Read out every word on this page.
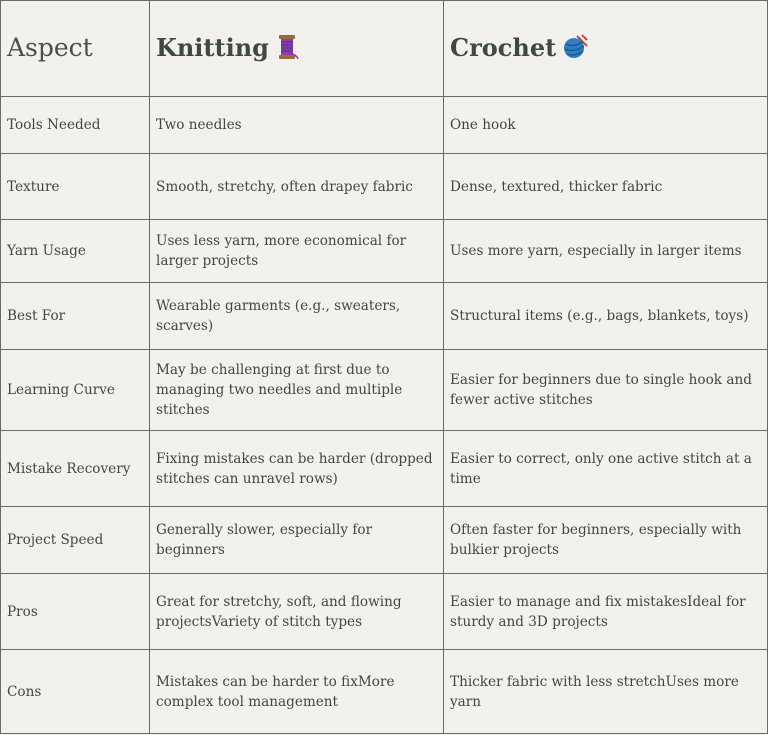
Aspect	Knitting	Crochet
Tools Needed	Two needles	One hook
Texture	Smooth, stretchy, often drapey fabric	Dense, textured, thicker fabric
Yarn Usage	Uses less yarn, more economical for larger projects	Uses more yarn, especially in larger items
Best For	Wearable garments (e.g., sweaters, scarves)	Structural items (e.g., bags, blankets, toys)
Learning Curve	May be challenging at first due to managing two needles and multiple stitches	Easier for beginners due to single hook and fewer active stitches
Mistake Recovery	Fixing mistakes can be harder (dropped stitches can unravel rows)	Easier to correct, only one active stitch at a time
Project Speed	Generally slower, especially for beginners	Often faster for beginners, especially with bulkier projects
Pros	Great for stretchy, soft, and flowing projectsVariety of stitch types	Easier to manage and fix mistakesIdeal for sturdy and 3D projects
Cons	Mistakes can be harder to fixMore complex tool management	Thicker fabric with less stretchUses more yarn
